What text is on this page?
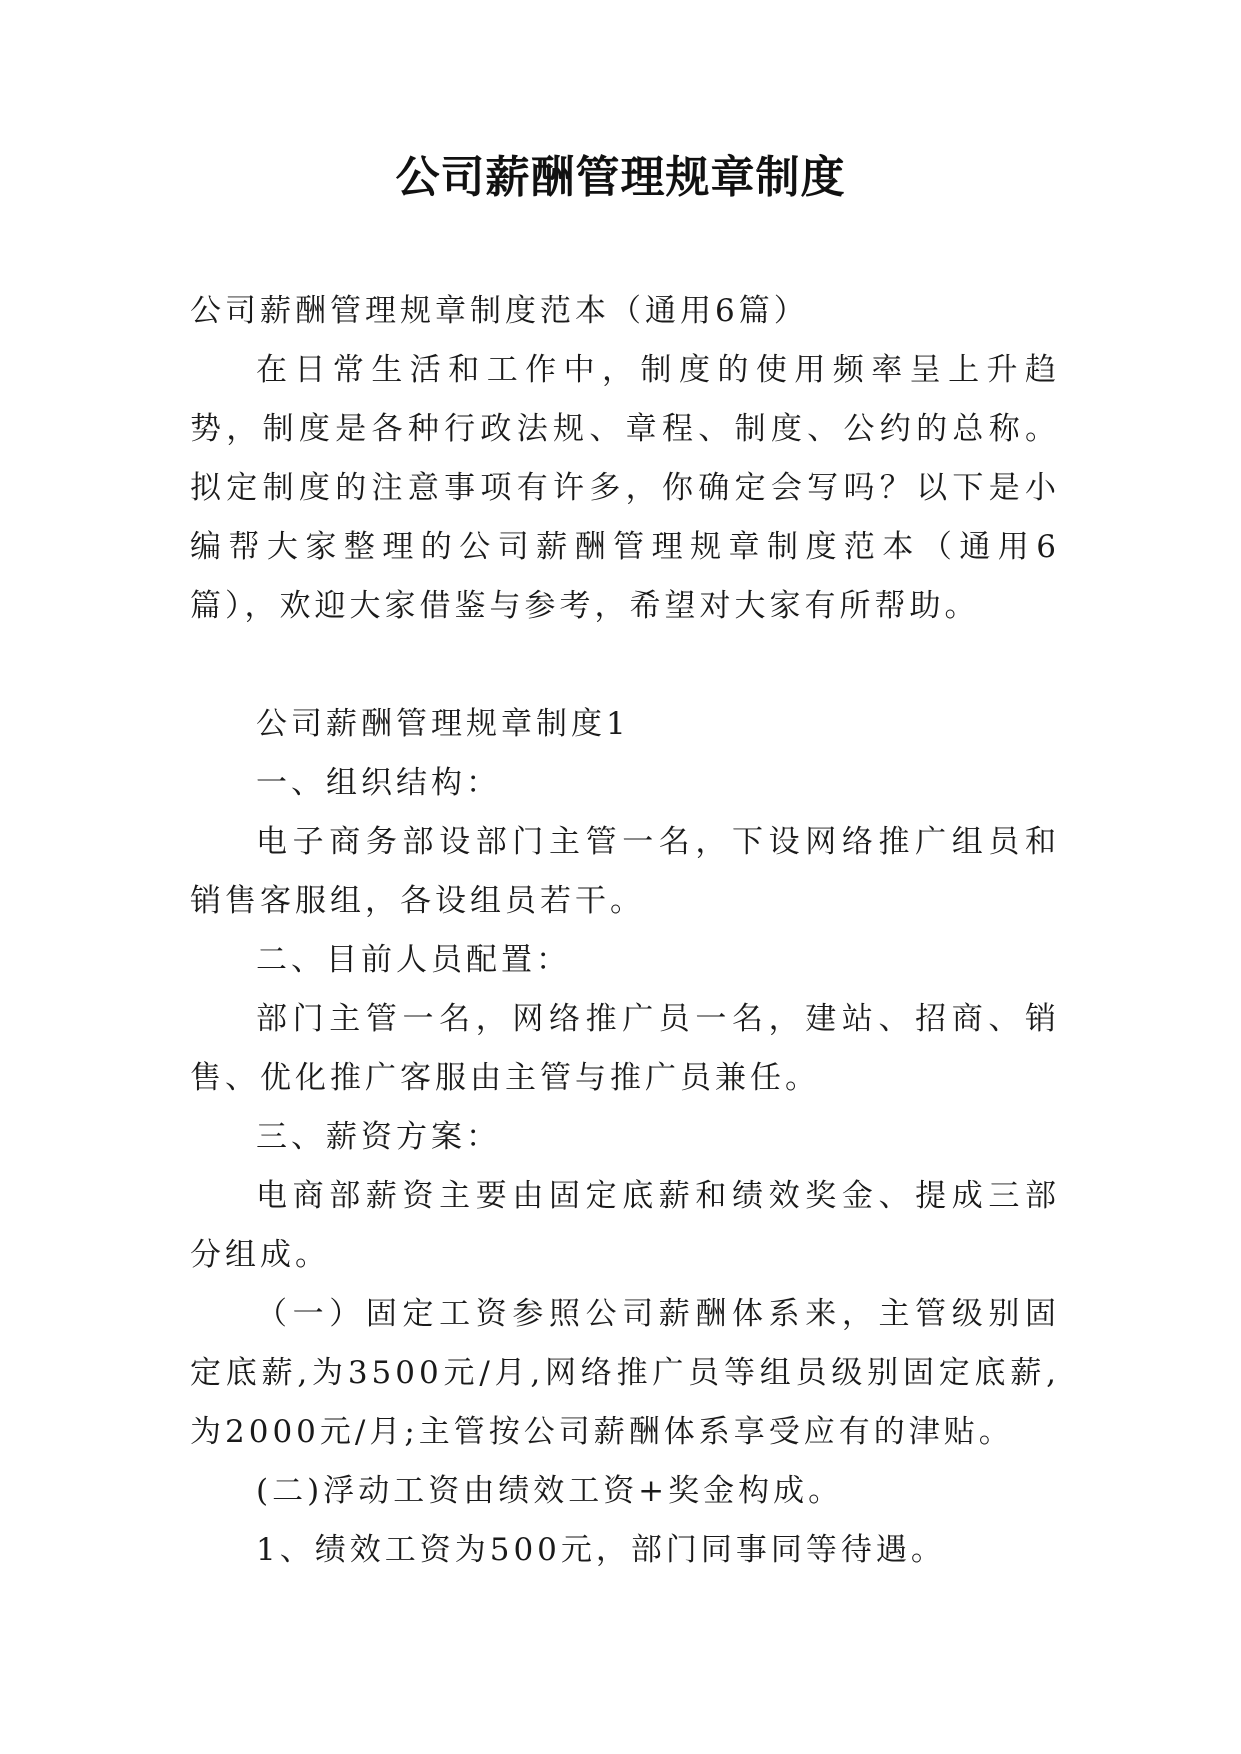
公司薪酬管理规章制度

公司薪酬管理规章制度范本（通用6篇）

在日常生活和工作中，制度的使用频率呈上升趋势，制度是各种行政法规、章程、制度、公约的总称。拟定制度的注意事项有许多，你确定会写吗？以下是小编帮大家整理的公司薪酬管理规章制度范本（通用6篇），欢迎大家借鉴与参考，希望对大家有所帮助。

公司薪酬管理规章制度1

一、组织结构：

电子商务部设部门主管一名，下设网络推广组员和销售客服组，各设组员若干。

二、目前人员配置：

部门主管一名，网络推广员一名，建站、招商、销售、优化推广客服由主管与推广员兼任。

三、薪资方案：

电商部薪资主要由固定底薪和绩效奖金、提成三部分组成。

（一）固定工资参照公司薪酬体系来，主管级别固定底薪,为3500元/月,网络推广员等组员级别固定底薪,为2000元/月;主管按公司薪酬体系享受应有的津贴。

(二)浮动工资由绩效工资+奖金构成。

1、绩效工资为500元，部门同事同等待遇。
